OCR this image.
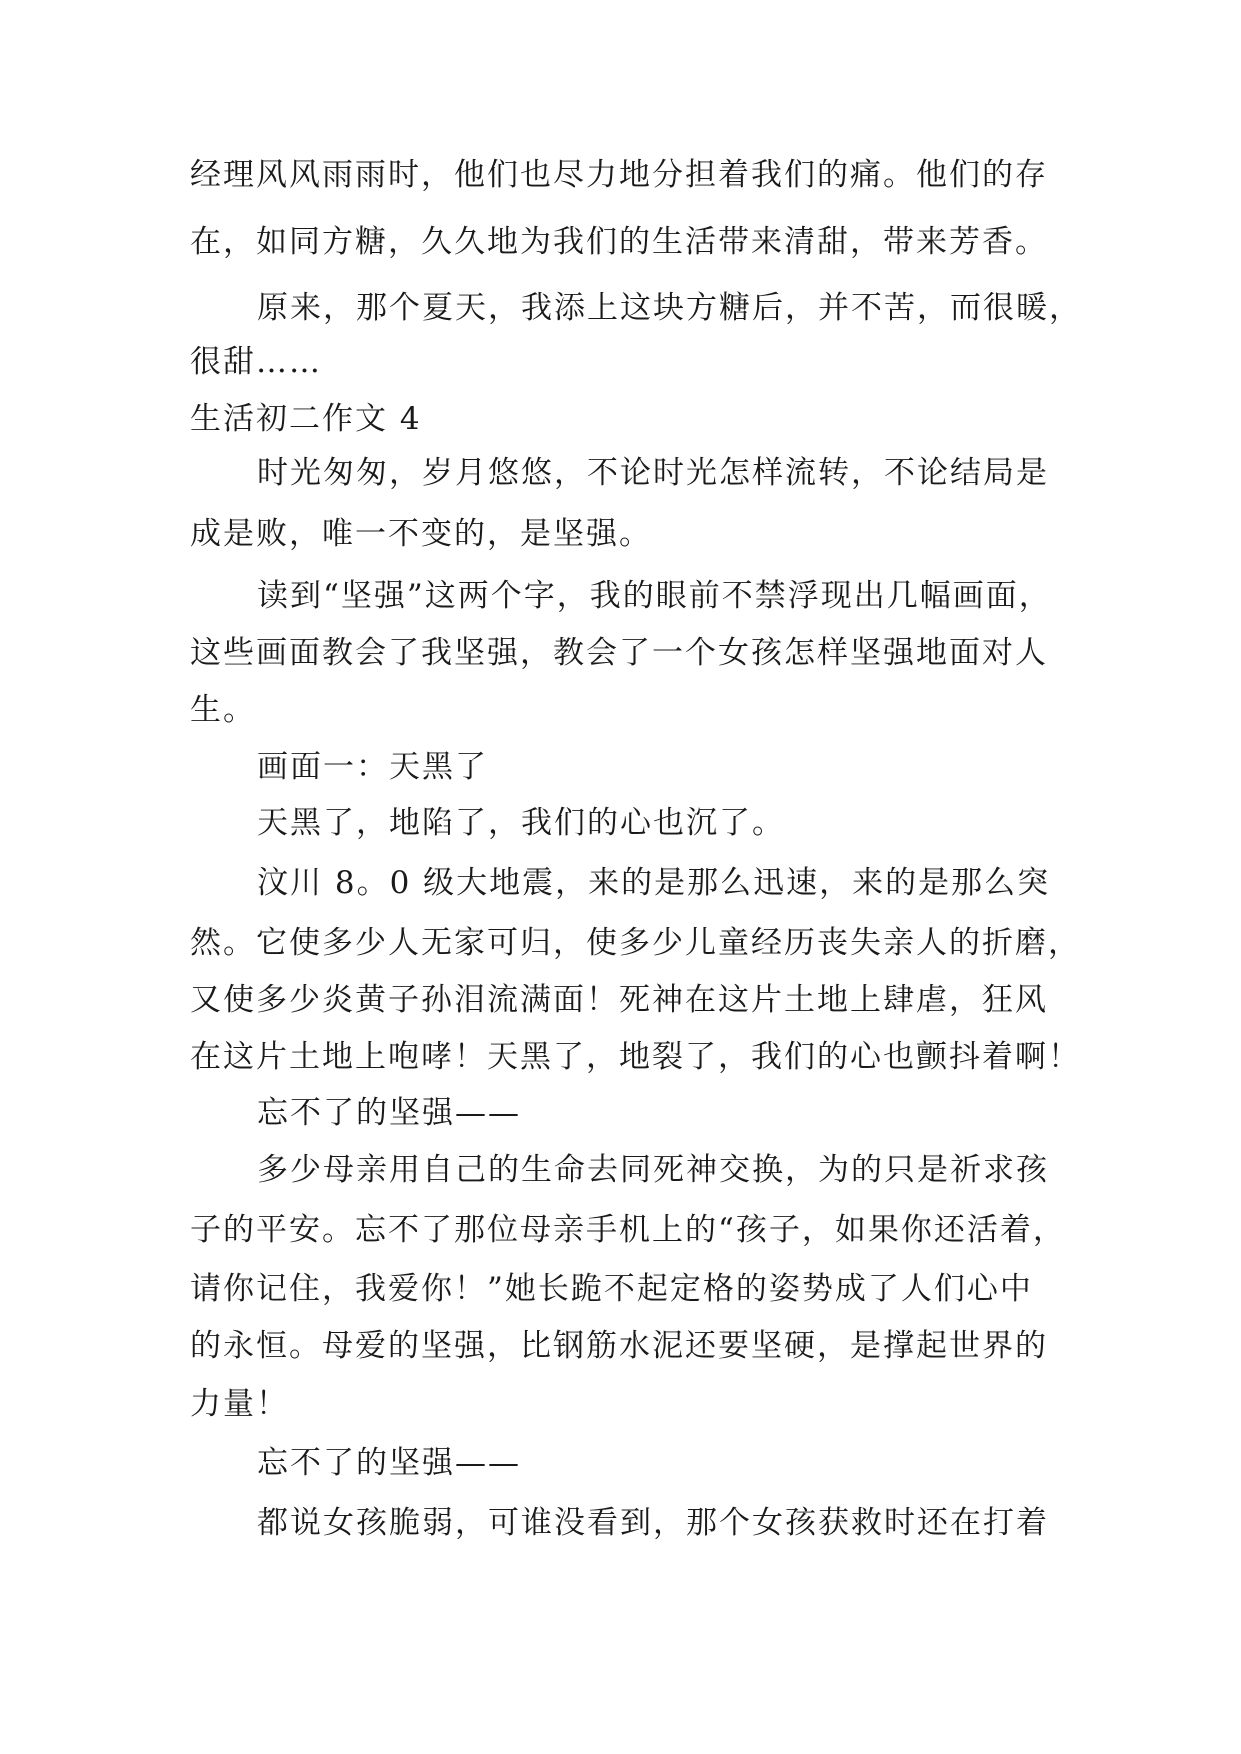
经理风风雨雨时，他们也尽力地分担着我们的痛。他们的存
在，如同方糖，久久地为我们的生活带来清甜，带来芳香。
原来，那个夏天，我添上这块方糖后，并不苦，而很暖，
很甜……
生活初二作文 4
时光匆匆，岁月悠悠，不论时光怎样流转，不论结局是
成是败，唯一不变的，是坚强。
读到“坚强”这两个字，我的眼前不禁浮现出几幅画面，
这些画面教会了我坚强，教会了一个女孩怎样坚强地面对人
生。
画面一：天黑了
天黑了，地陷了，我们的心也沉了。
汶川 8。0 级大地震，来的是那么迅速，来的是那么突
然。它使多少人无家可归，使多少儿童经历丧失亲人的折磨，
又使多少炎黄子孙泪流满面！死神在这片土地上肆虐，狂风
在这片土地上咆哮！天黑了，地裂了，我们的心也颤抖着啊！
忘不了的坚强——
多少母亲用自己的生命去同死神交换，为的只是祈求孩
子的平安。忘不了那位母亲手机上的“孩子，如果你还活着，
请你记住，我爱你！”她长跪不起定格的姿势成了人们心中
的永恒。母爱的坚强，比钢筋水泥还要坚硬，是撑起世界的
力量！
忘不了的坚强——
都说女孩脆弱，可谁没看到，那个女孩获救时还在打着
